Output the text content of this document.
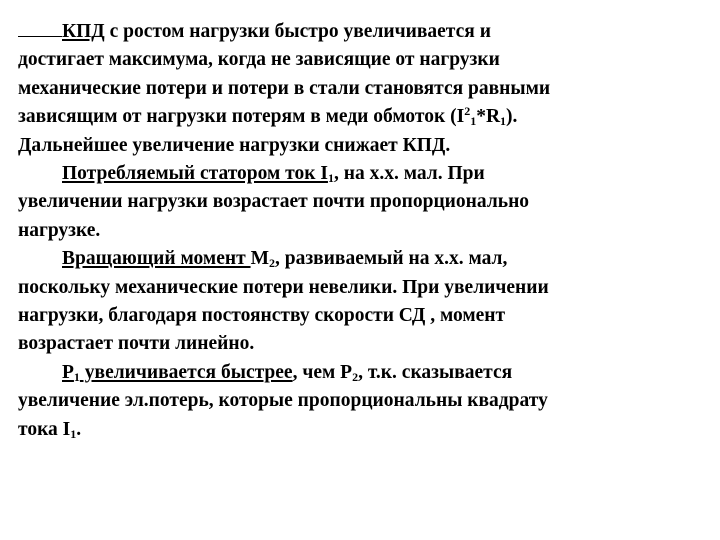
КПД с ростом нагрузки быстро увеличивается и
достигает максимума, когда не зависящие от нагрузки
механические потери и потери в стали становятся равными
зависящим от нагрузки потерям в меди обмоток $(I^2_1*R_1)$.
Дальнейшее увеличение нагрузки снижает КПД.
Потребляемый статором ток $I_1$, на х.х. мал. При
увеличении нагрузки возрастает почти пропорционально
нагрузке.
Вращающий момент $M_2$, развиваемый на х.х. мал,
поскольку механические потери невелики. При увеличении
нагрузки, благодаря постоянству скорости СД , момент
возрастает почти линейно.
$P_1$ увеличивается быстрее, чем $P_2$, т.к. сказывается
увеличение эл.потерь, которые пропорциональны квадрату
тока $I_1$.
